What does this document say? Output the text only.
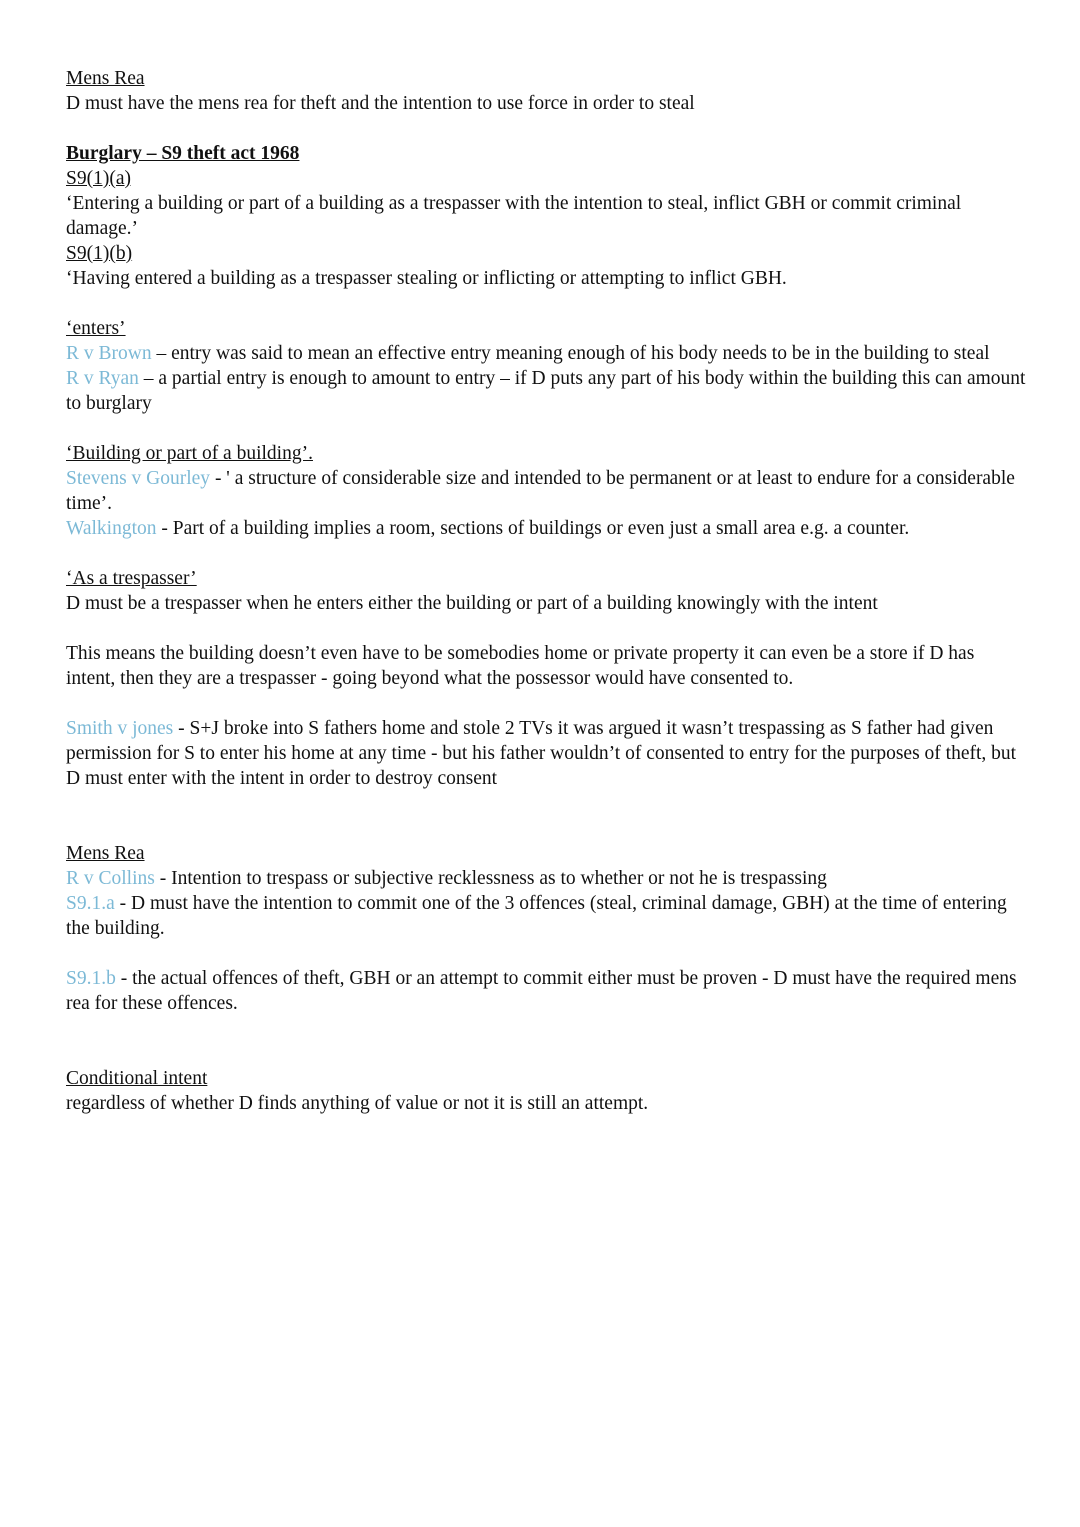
Mens Rea
D must have the mens rea for theft and the intention to use force in order to steal
Burglary – S9 theft act 1968
S9(1)(a)
‘Entering a building or part of a building as a trespasser with the intention to steal, inflict GBH or commit criminal damage.’
S9(1)(b)
‘Having entered a building as a trespasser stealing or inflicting or attempting to inflict GBH.
‘enters’
R v Brown – entry was said to mean an effective entry meaning enough of his body needs to be in the building to steal
R v Ryan – a partial entry is enough to amount to entry – if D puts any part of his body within the building this can amount to burglary
‘Building or part of a building’.
Stevens v Gourley - ' a structure of considerable size and intended to be permanent or at least to endure for a considerable time’.
Walkington - Part of a building implies a room, sections of buildings or even just a small area e.g. a counter.
‘As a trespasser’
D must be a trespasser when he enters either the building or part of a building knowingly with the intent
This means the building doesn’t even have to be somebodies home or private property it can even be a store if D has intent, then they are a trespasser - going beyond what the possessor would have consented to.
Smith v jones - S+J broke into S fathers home and stole 2 TVs it was argued it wasn’t trespassing as S father had given permission for S to enter his home at any time - but his father wouldn’t of consented to entry for the purposes of theft, but D must enter with the intent in order to destroy consent
Mens Rea
R v Collins - Intention to trespass or subjective recklessness as to whether or not he is trespassing
S9.1.a - D must have the intention to commit one of the 3 offences (steal, criminal damage, GBH) at the time of entering the building.
S9.1.b - the actual offences of theft, GBH or an attempt to commit either must be proven - D must have the required mens rea for these offences.
Conditional intent
regardless of whether D finds anything of value or not it is still an attempt.
